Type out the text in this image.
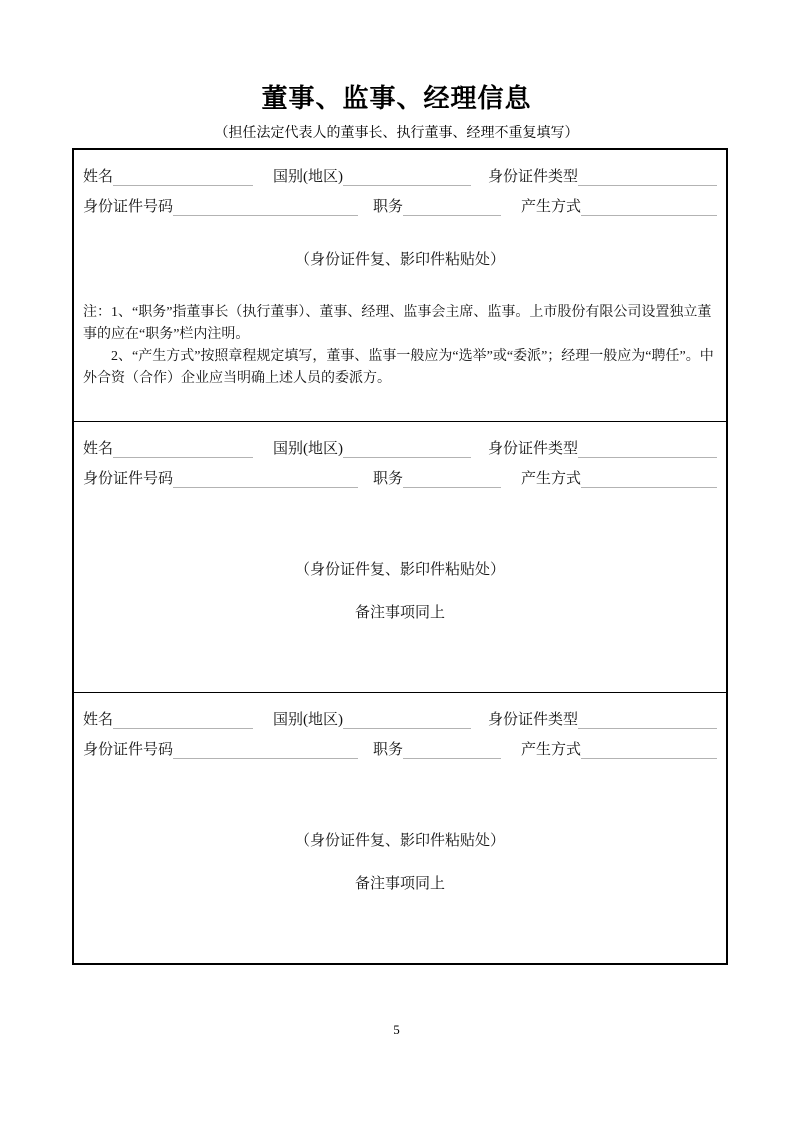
董事、监事、经理信息
（担任法定代表人的董事长、执行董事、经理不重复填写）
姓名	国别(地区)	身份证件类型
身份证件号码	职务	产生方式
（身份证件复、影印件粘贴处）

注：1、“职务”指董事长（执行董事）、董事、经理、监事会主席、监事。上市股份有限公司设置独立董事的应在“职务”栏内注明。

2、“产生方式”按照章程规定填写，董事、监事一般应为“选举”或“委派”；经理一般应为“聘任”。中外合资（合作）企业应当明确上述人员的委派方。

姓名	国别(地区)	身份证件类型
身份证件号码	职务	产生方式
（身份证件复、影印件粘贴处）
备注事项同上
姓名	国别(地区)	身份证件类型
身份证件号码	职务	产生方式
（身份证件复、影印件粘贴处）
备注事项同上
5
